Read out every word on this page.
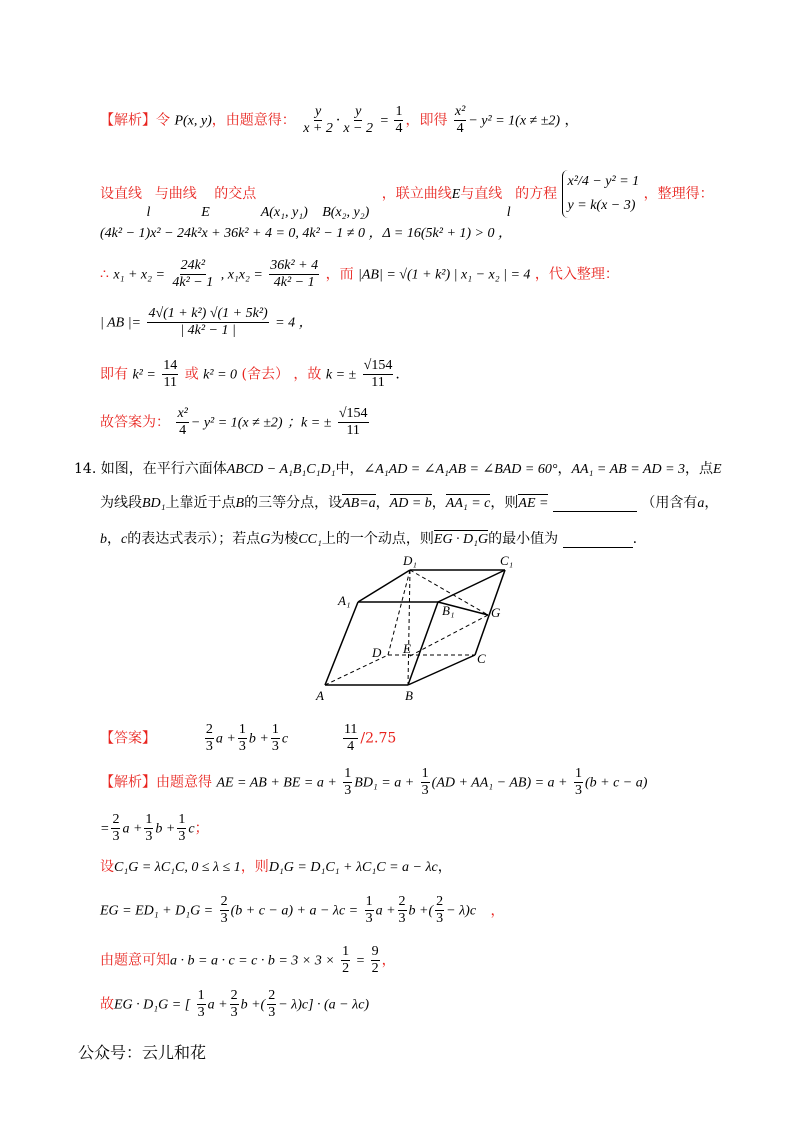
【解析】令 P(x, y)，由题意得： $\frac{y}{x + 2} \cdot \frac{y}{x - 2} = \frac{1}{4}$ ，即得 $\frac{\text{x²}}{4} - y^2 = 1(x \ne \pm 2)$ ，
设直线 l 与曲线 E 的交点 A(x₁, y₁) B(x₂, y₂) ，联立曲线E与直线 l 的方程
x²/4 − y² = 1
y = k(x − 3)
，整理得：
(4k² − 1)x² − 24k²x + 36k² + 4 = 0, 4k² − 1 ≠ 0 ，Δ = 16(5k² + 1) > 0 ，
∴ $x_1 + x_2 = \frac{\text{24k²}}{\text{4k² − 1}}$ , $x_1x_2 = \frac{\text{36k² + 4}}{\text{4k² − 1}}$ ，而 |AB| = √(1 + k²) | x₁ − x₂ | = 4 ，代入整理：
| AB |= $\frac{\text{4√(1 + k²) √(1 + 5k²)}}{\text{| 4k² − 1 |}} = 4$ ，
即有 $k^2 = \frac{14}{11}$ 或 k² = 0 (舍去） ，故 k = ± $\frac{√154}{11}$ .
故答案为： $\frac{\text{x²}}{4} - y^2 = 1(x \ne \pm 2)$ ；k = ± $\frac{√154}{11}$
14. 如图，在平行六面体ABCD − A₁B₁C₁D₁中，∠A₁AD = ∠A₁AB = ∠BAD = 60°，AA₁ = AB = AD = 3，点E
为线段BD₁上靠近于点B的三等分点，设AB=a，AD = b，AA₁ = c，则AE =	（用含有a，
b，c的表达式表示）；若点G为棱CC₁上的一个动点，则EG · D₁G的最小值为	.
D₁	C₁
A₁
B₁	G
D E
C
A	B
【答案】	$\frac{2}{3}$ $a + \frac{1}{3}$ $b + \frac{1}{3}$ c	$\frac{11}{4} /2.75$
【解析】由题意得 AE = AB + BE = $a + \frac{1}{3} BD_1 = a + \frac{1}{3} (AD + AA_1 - AB) = a + \frac{1}{3} (b + c - a)$
= $\frac{2}{3}$ $a + \frac{1}{3}$ $b + \frac{1}{3}$ c；
设C₁G = λC₁C, 0 ≤ λ ≤ 1，则D₁G = D₁C₁ + λC₁C = a − λc，
EG = $ED_1 + D_1G = \frac{2}{3} (b + c - a) + a - \lambda c = \frac{1}{3}$ $a + \frac{2}{3}$ b +( $\frac{2}{3} - \lambda)c$ ，
由题意可知$a \cdot b = a \cdot c = c \cdot b = 3 \times 3 \times \frac{1}{2} = \frac{9}{2}$ ，
故EG · D₁G = [ $\frac{1}{3}$ $a + \frac{2}{3}$ b +( $\frac{2}{3} - \lambda)c] \cdot (a - \lambda c)$
公众号：云儿和花
